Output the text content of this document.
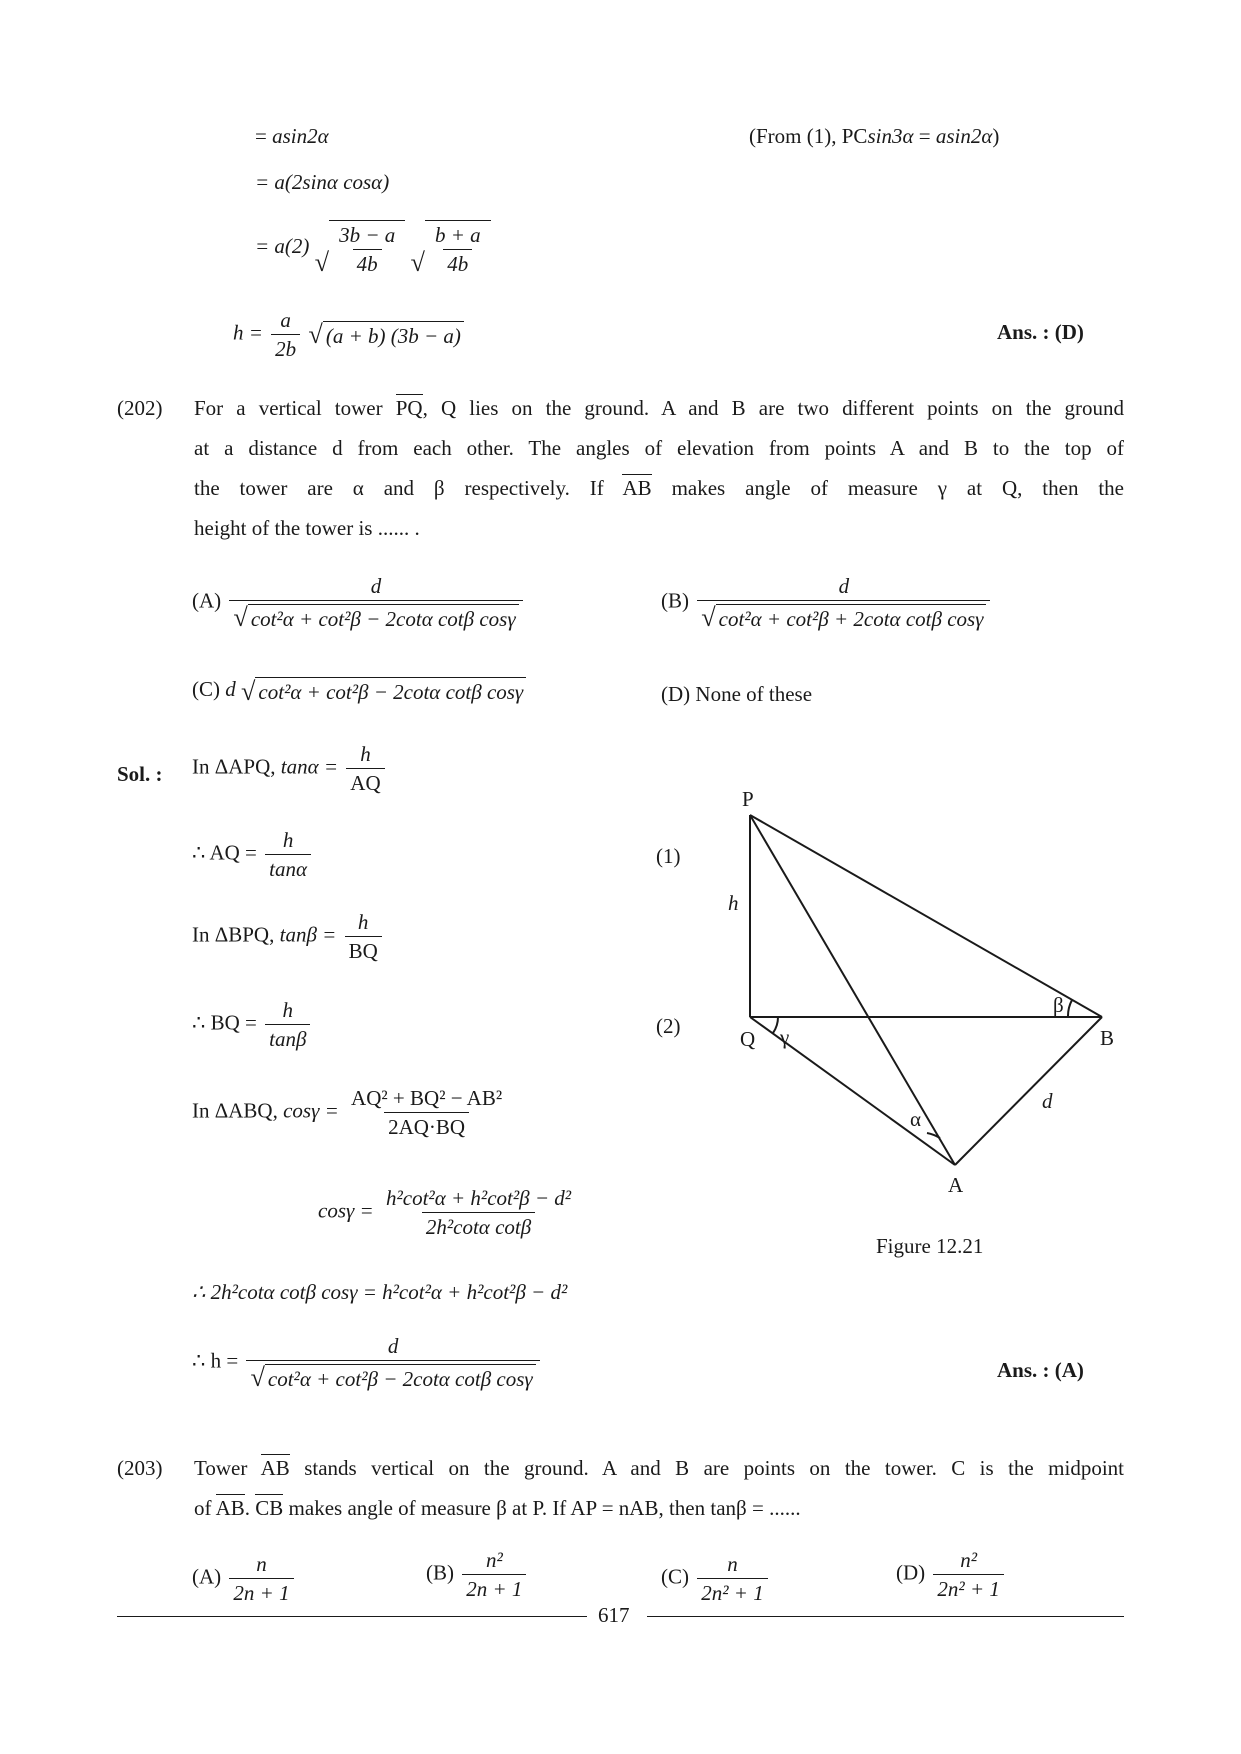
= asin2α	(From (1), PCsin3α = asin2α)
= a(2sinα cosα)
= a(2)
√ $\frac{3b - a}{4b}$
√ $\frac{b + a}{4b}$
$h = \frac{a}{2b}$
√ (a + b) (3b − a)	Ans. : (D)
(202) For a vertical tower PQ, Q lies on the ground. A and B are two different points on the ground
at a distance d from each other. The angles of elevation from points A and B to the top of
the tower are α and β respectively. If AB makes angle of measure γ at Q, then the
height of the tower is ...... .
$(A) \frac{d}{\text{√ cot²α + cot²β − 2cotα cotβ cosγ}}$	$(B) \frac{d}{\text{√ cot²α + cot²β + 2cotα cotβ cosγ}}$
(C) d √ cot²α + cot²β − 2cotα cotβ cosγ	(D) None of these
Sol. : In ΔAPQ, $\tan\alpha = \frac{h}{AQ}$
∴ AQ = $\frac{h}{\tan\alpha}$	(1)
In ΔBPQ, $\tan\beta = \frac{h}{BQ}$
∴ BQ = $\frac{h}{\tan\beta}$	(2)
In ΔABQ, $\cos\gamma = \frac{\text{AQ² + BQ² − AB²}}{2AQ\cdot BQ}$
$\cos\gamma = \frac{\text{h²cot²α + h²cot²β − d²}}{\text{2h²cotα cotβ}}$
∴ 2h²cotα cotβ cosγ = h²cot²α + h²cot²β − d²
∴ $h = \frac{d}{\text{√ cot²α + cot²β − 2cotα cotβ cosγ}}$	Ans. : (A)
P
h
Q γ
β
B
d
α
A
Figure 12.21
(203) Tower AB stands vertical on the ground. A and B are points on the tower. C is the midpoint
of AB. CB makes angle of measure β at P. If AP = nAB, then tanβ = ......
$(A) \frac{n}{2n + 1}$	$(B) \frac{\text{n²}}{2n + 1}$	$(C) \frac{n}{\text{2n² + 1}}$	$(D) \frac{\text{n²}}{\text{2n² + 1}}$
617
